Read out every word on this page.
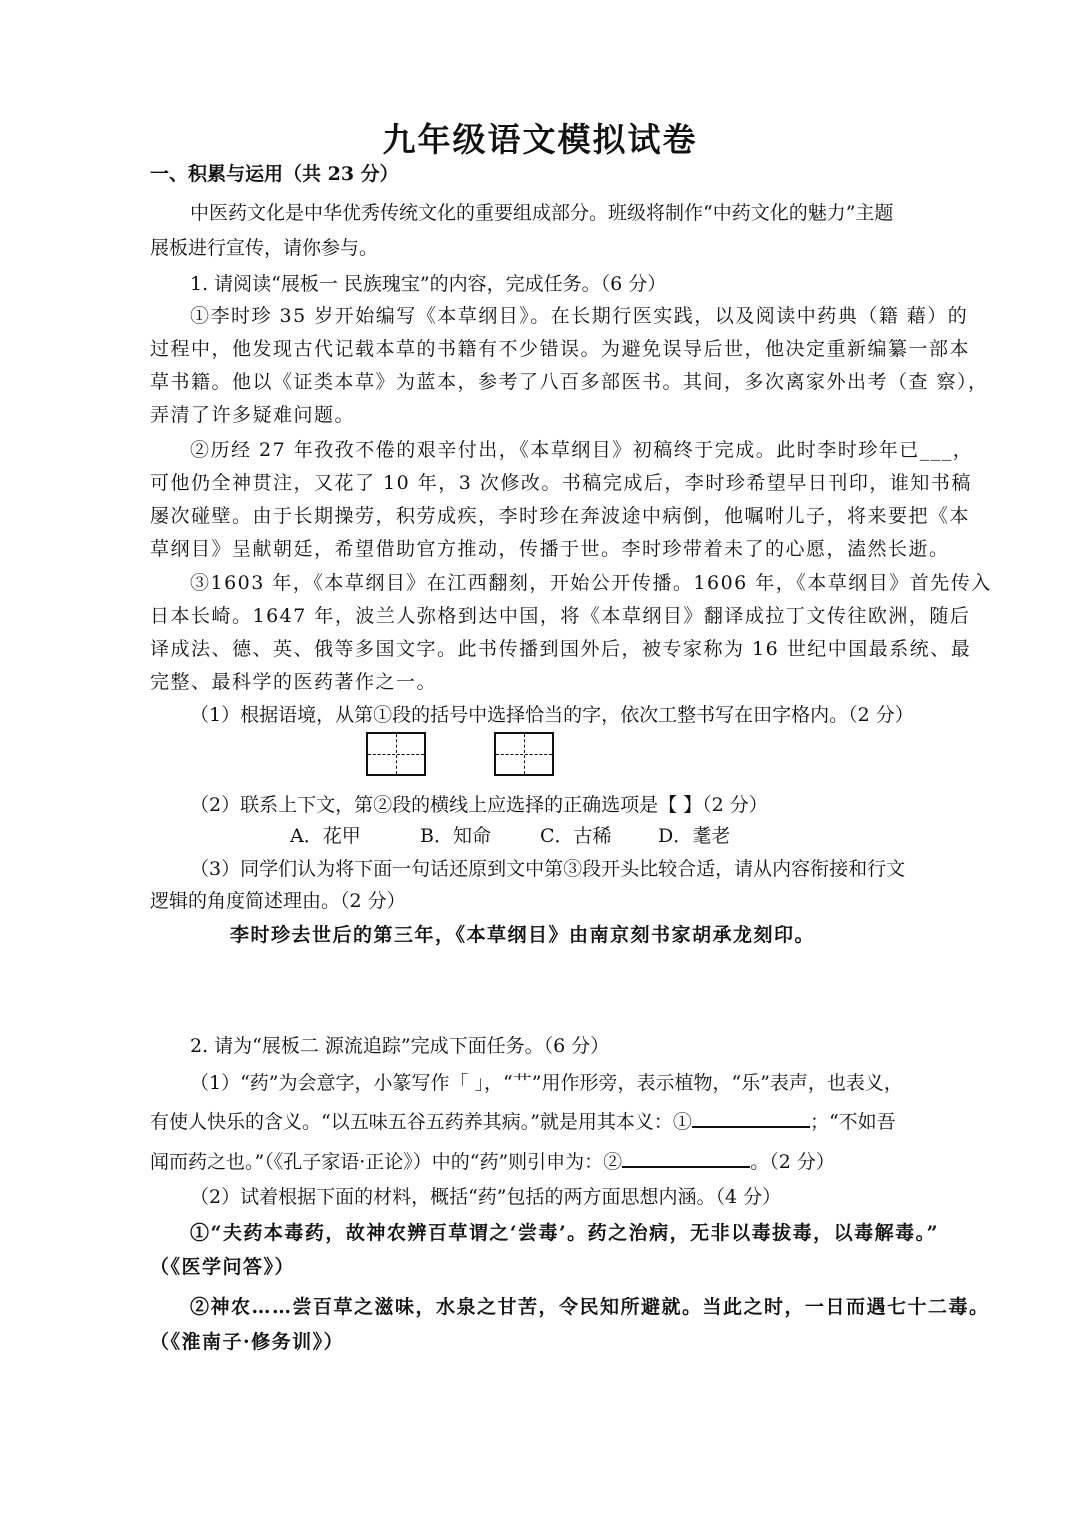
九年级语文模拟试卷
一、积累与运用（共 23 分）
中医药文化是中华优秀传统文化的重要组成部分。班级将制作“中药文化的魅力”主题
展板进行宣传，请你参与。
1. 请阅读“展板一 民族瑰宝”的内容，完成任务。（6 分）
①李时珍 35 岁开始编写《本草纲目》。在长期行医实践，以及阅读中药典（籍 藉）的
过程中，他发现古代记载本草的书籍有不少错误。为避免误导后世，他决定重新编纂一部本
草书籍。他以《证类本草》为蓝本，参考了八百多部医书。其间，多次离家外出考（查 察），
弄清了许多疑难问题。
②历经 27 年孜孜不倦的艰辛付出，《本草纲目》初稿终于完成。此时李时珍年已___，
可他仍全神贯注，又花了 10 年，3 次修改。书稿完成后，李时珍希望早日刊印，谁知书稿
屡次碰壁。由于长期操劳，积劳成疾，李时珍在奔波途中病倒，他嘱咐儿子，将来要把《本
草纲目》呈献朝廷，希望借助官方推动，传播于世。李时珍带着未了的心愿，溘然长逝。
③1603 年，《本草纲目》在江西翻刻，开始公开传播。1606 年，《本草纲目》首先传入
日本长崎。1647 年，波兰人弥格到达中国，将《本草纲目》翻译成拉丁文传往欧洲，随后
译成法、德、英、俄等多国文字。此书传播到国外后，被专家称为 16 世纪中国最系统、最
完整、最科学的医药著作之一。
（1）根据语境，从第①段的括号中选择恰当的字，依次工整书写在田字格内。（2 分）
（2）联系上下文，第②段的横线上应选择的正确选项是【 】（2 分）
A．花甲	B．知命	C．古稀 D．耄老
（3）同学们认为将下面一句话还原到文中第③段开头比较合适，请从内容衔接和行文
逻辑的角度简述理由。（2 分）
李时珍去世后的第三年，《本草纲目》由南京刻书家胡承龙刻印。
2. 请为“展板二 源流追踪”完成下面任务。（6 分）
（1）“药”为会意字，小篆写作「 」，“艹”用作形旁，表示植物，“乐”表声，也表义，
有使人快乐的含义。“以五味五谷五药养其病。”就是用其本义：①	；“不如吾
闻而药之也。”（《孔子家语·正论》）中的“药”则引申为：②	。（2 分）
（2）试着根据下面的材料，概括“药”包括的两方面思想内涵。（4 分）
①“夫药本毒药，故神农辨百草谓之‘尝毒’。药之治病，无非以毒拔毒，以毒解毒。”
（《医学问答》）
②神农……尝百草之滋味，水泉之甘苦，令民知所避就。当此之时，一日而遇七十二毒。
（《淮南子·修务训》）
